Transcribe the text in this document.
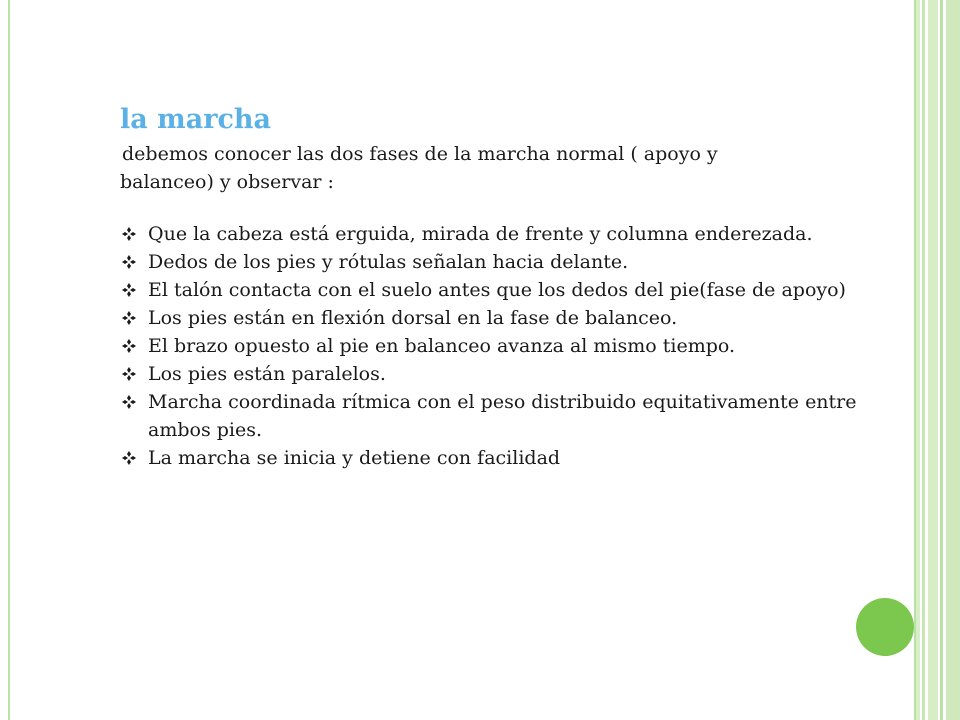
la marcha

debemos conocer las dos fases de la marcha normal ( apoyo y

balanceo) y observar :

Que la cabeza está erguida, mirada de frente y columna enderezada.
Dedos de los pies y rótulas señalan hacia delante.
El talón contacta con el suelo antes que los dedos del pie(fase de apoyo)
Los pies están en flexión dorsal en la fase de balanceo.
El brazo opuesto al pie en balanceo avanza al mismo tiempo.
Los pies están paralelos.
Marcha coordinada rítmica con el peso distribuido equitativamente entre ambos pies.
La marcha se inicia y detiene con facilidad
